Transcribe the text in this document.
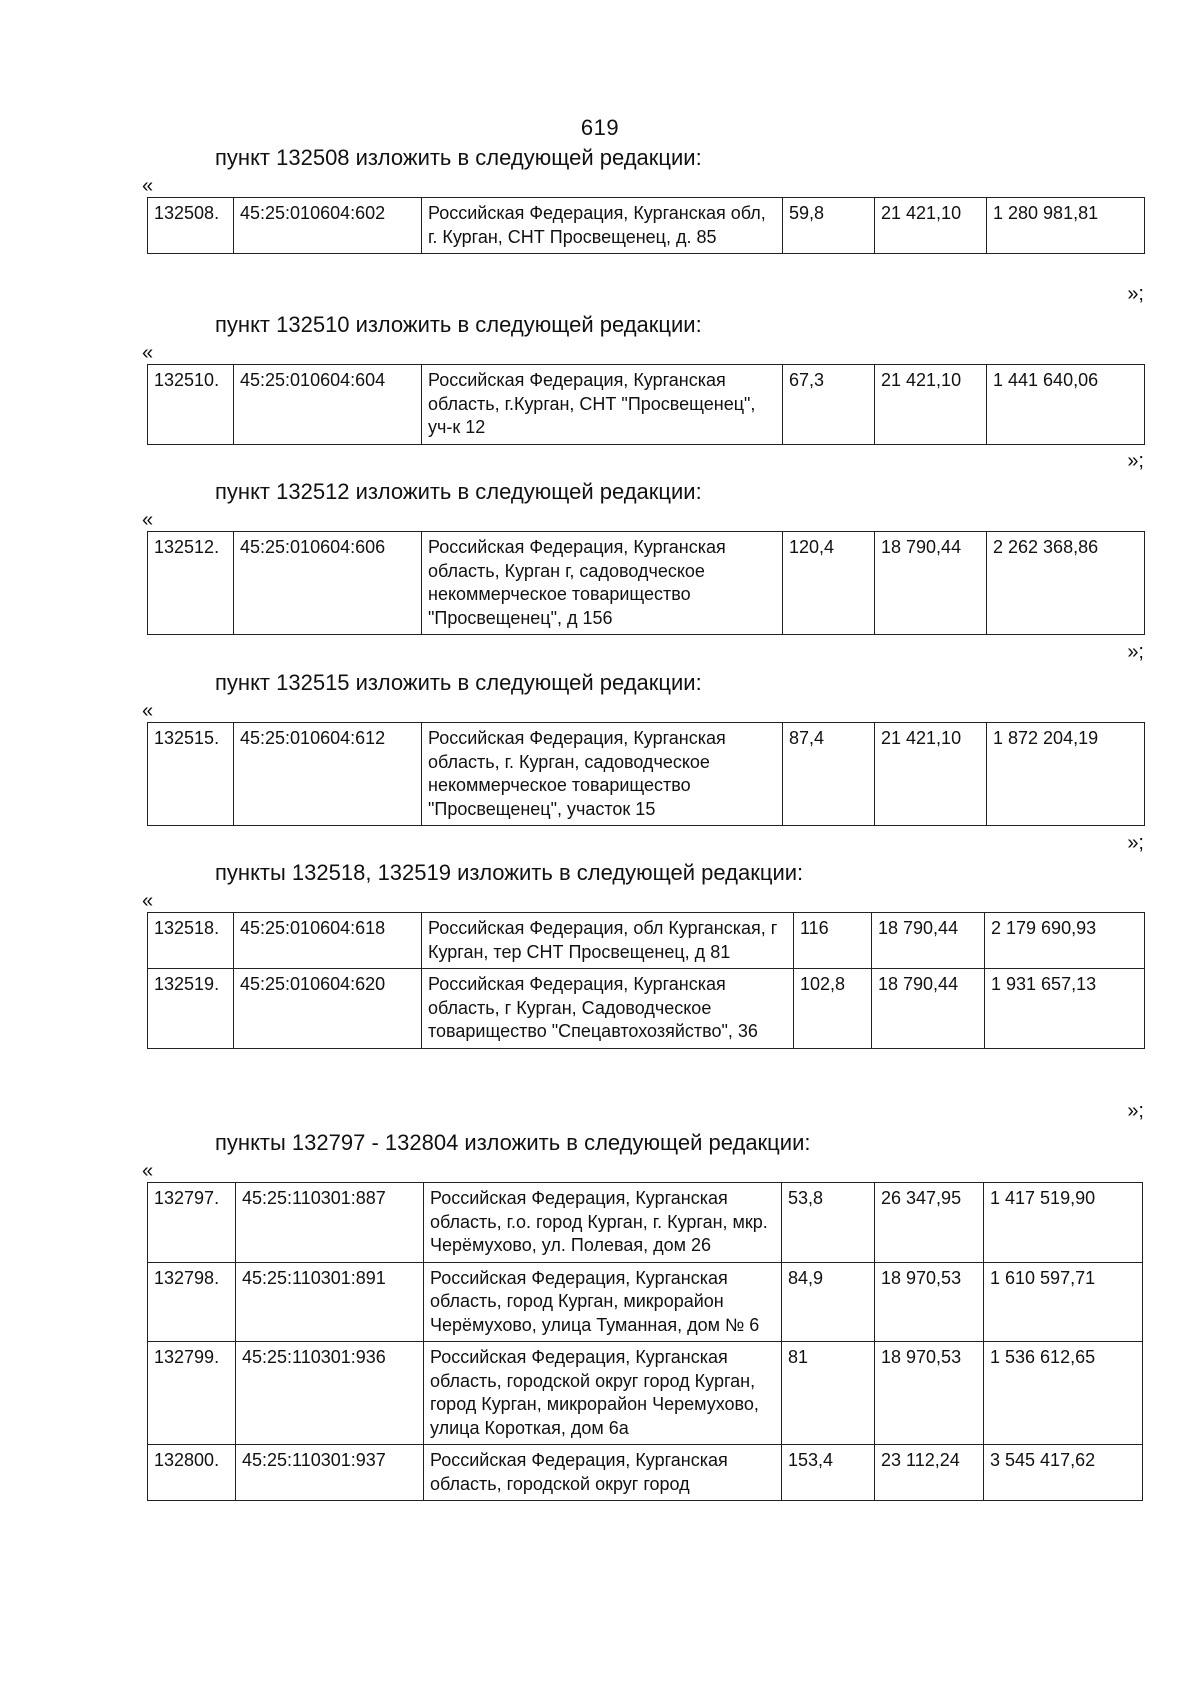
619
пункт 132508 изложить в следующей редакции:
«
132508.	45:25:010604:602	Российская Федерация, Курганская обл, г. Курган, СНТ Просвещенец, д. 85	59,8	21 421,10	1 280 981,81
»;
пункт 132510 изложить в следующей редакции:
«
132510.	45:25:010604:604	Российская Федерация, Курганская область, г.Курган, СНТ "Просвещенец", уч-к 12	67,3	21 421,10	1 441 640,06
»;
пункт 132512 изложить в следующей редакции:
«
132512.	45:25:010604:606	Российская Федерация, Курганская область, Курган г, садоводческое некоммерческое товарищество "Просвещенец", д 156	120,4	18 790,44	2 262 368,86
»;
пункт 132515 изложить в следующей редакции:
«
132515.	45:25:010604:612	Российская Федерация, Курганская область, г. Курган, садоводческое некоммерческое товарищество "Просвещенец", участок 15	87,4	21 421,10	1 872 204,19
»;
пункты 132518, 132519 изложить в следующей редакции:
«
132518.	45:25:010604:618	Российская Федерация, обл Курганская, г Курган, тер СНТ Просвещенец, д 81	116	18 790,44	2 179 690,93
132519.	45:25:010604:620	Российская Федерация, Курганская область, г Курган, Садоводческое товарищество "Спецавтохозяйство", 36	102,8	18 790,44	1 931 657,13
»;
пункты 132797 - 132804 изложить в следующей редакции:
«
132797.	45:25:110301:887	Российская Федерация, Курганская область, г.о. город Курган, г. Курган, мкр. Черёмухово, ул. Полевая, дом 26	53,8	26 347,95	1 417 519,90
132798.	45:25:110301:891	Российская Федерация, Курганская область, город Курган, микрорайон Черёмухово, улица Туманная, дом № 6	84,9	18 970,53	1 610 597,71
132799.	45:25:110301:936	Российская Федерация, Курганская область, городской округ город Курган, город Курган, микрорайон Черемухово, улица Короткая, дом 6а	81	18 970,53	1 536 612,65
132800.	45:25:110301:937	Российская Федерация, Курганская область, городской округ город	153,4	23 112,24	3 545 417,62
